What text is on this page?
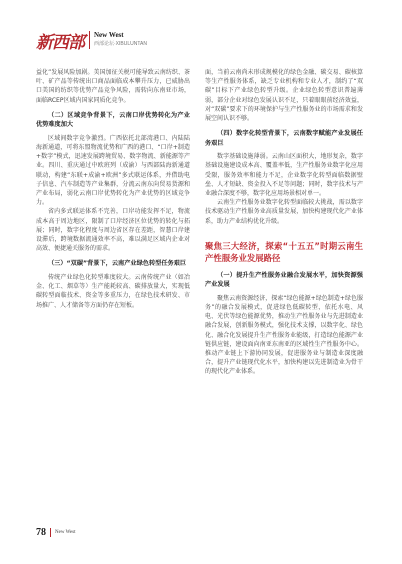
新西部 New West
西部论坛·XIBULUNTAN

益化”发展风险加剧。美国加征关税可能导致云南纺织、茶叶、矿产品等传统出口商品面临成本攀升压力，已威胁出口美国的纺织等优势产品竞争风险，需转向东南亚市场，面临RCEP区域内国家同质化竞争。

（二）区域竞争背景下，云南口岸优势转化为产业优势难度加大

区域间数字竞争激烈。广西依托北部湾港口、内陆陆海新通道，可将东盟物流优势和广西的港口、“口岸+制造+数字”模式，迅速发展跨境贸易、数字物流、新能源等产业。四川、重庆通过中欧班列（成渝）与西部陆海新通道联动，构建“东联+成渝+欧洲”多式联运体系，并借助电子信息、汽车制造等产业集群，分流云南东向贸易货源和产业布局，弱化云南口岸优势转化为产业优势的区域竞争力。

省内多式联运体系不完善，口岸功能发挥不足，物流成本高于周边地区，限制了口岸经济区位优势的转化与拓展；同时，数字化程度与周边省区存在差距，智慧口岸建设滞后，跨境数据流通效率不高，难以满足区域内企业对高效、便捷通关服务的需求。

（三）“双碳”背景下，云南产业绿色转型任务艰巨

传统产业绿色化转型难度较大。云南传统产业（如冶金、化工、烟草等）生产能耗较高、碳排放量大，实现低碳转型面临技术、资金等多重压力，在绿色技术研发、市场推广、人才储备等方面仍存在短板。

面，当前云南尚未形成规模化的绿色金融、碳交易、碳核算等生产性服务体系，缺乏专业机构和专业人才，制约了“双碳”目标下产业绿色转型升级。企业绿色转型意识普遍薄弱，部分企业对绿色发展认识不足，只着眼眼前经济效益，对“双碳”要求下的环境保护与生产性服务业的市场需求和发展空间认识不够。

（四）数字化转型背景下，云南数字赋能产业发展任务艰巨

数字基础设施薄弱。云南山区面积大，地形复杂，数字基础设施建设成本高、覆盖率低，生产性服务业数字化应用受限，服务效率和能力不足，企业数字化转型面临数据壁垒、人才短缺、资金投入不足等问题；同时，数字技术与产业融合深度不够，数字化应用场景相对单一。

云南生产性服务业数字化转型面临较大挑战，需以数字技术驱动生产性服务业高质量发展，加快构建现代化产业体系，助力产业结构优化升级。

聚焦三大经济，探索“十五五”时期云南生产性服务业发展路径
（一）提升生产性服务业融合发展水平，加快资源强产业发展

聚焦云南资源经济，探索“绿色能源+绿色制造+绿色服务”的融合发展模式，促进绿色低碳转型，依托水电、风电、光伏等绿色能源优势，推动生产性服务业与先进制造业融合发展，创新服务模式，强化技术支撑，以数字化、绿色化、融合化发展提升生产性服务业能级，打造绿色能源产业链供应链，建设面向南亚东南亚的区域性生产性服务中心。推动产业链上下游协同发展，促进服务业与制造业深度融合，提升产业链现代化水平，加快构建以先进制造业为骨干的现代化产业体系。

78 New West
